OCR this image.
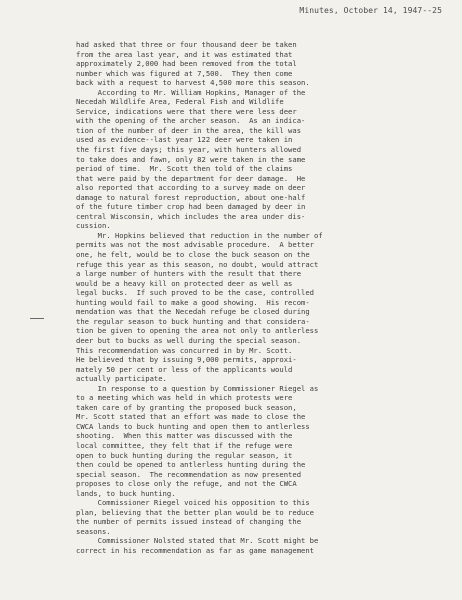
Minutes, October 14, 1947--25
had asked that three or four thousand deer be taken
from the area last year, and it was estimated that
approximately 2,000 had been removed from the total
number which was figured at 7,500.  They then come
back with a request to harvest 4,500 more this season.
According to Mr. William Hopkins, Manager of the
Necedah Wildlife Area, Federal Fish and Wildlife
Service, indications were that there were less deer
with the opening of the archer season.  As an indica-
tion of the number of deer in the area, the kill was
used as evidence--last year 122 deer were taken in
the first five days; this year, with hunters allowed
to take does and fawn, only 82 were taken in the same
period of time.  Mr. Scott then told of the claims
that were paid by the department for deer damage.  He
also reported that according to a survey made on deer
damage to natural forest reproduction, about one-half
of the future timber crop had been damaged by deer in
central Wisconsin, which includes the area under dis-
cussion.
Mr. Hopkins believed that reduction in the number of
permits was not the most advisable procedure.  A better
one, he felt, would be to close the buck season on the
refuge this year as this season, no doubt, would attract
a large number of hunters with the result that there
would be a heavy kill on protected deer as well as
legal bucks.  If such proved to be the case, controlled
hunting would fail to make a good showing.  His recom-
mendation was that the Necedah refuge be closed during
the regular season to buck hunting and that considera-
tion be given to opening the area not only to antlerless
deer but to bucks as well during the special season.
This recommendation was concurred in by Mr. Scott.
He believed that by issuing 9,000 permits, approxi-
mately 50 per cent or less of the applicants would
actually participate.
In response to a question by Commissioner Riegel as
to a meeting which was held in which protests were
taken care of by granting the proposed buck season,
Mr. Scott stated that an effort was made to close the
CWCA lands to buck hunting and open them to antlerless
shooting.  When this matter was discussed with the
local committee, they felt that if the refuge were
open to buck hunting during the regular season, it
then could be opened to antlerless hunting during the
special season.  The recommendation as now presented
proposes to close only the refuge, and not the CWCA
lands, to buck hunting.
Commissioner Riegel voiced his opposition to this
plan, believing that the better plan would be to reduce
the number of permits issued instead of changing the
seasons.
Commissioner Nolsted stated that Mr. Scott might be
correct in his recommendation as far as game management
